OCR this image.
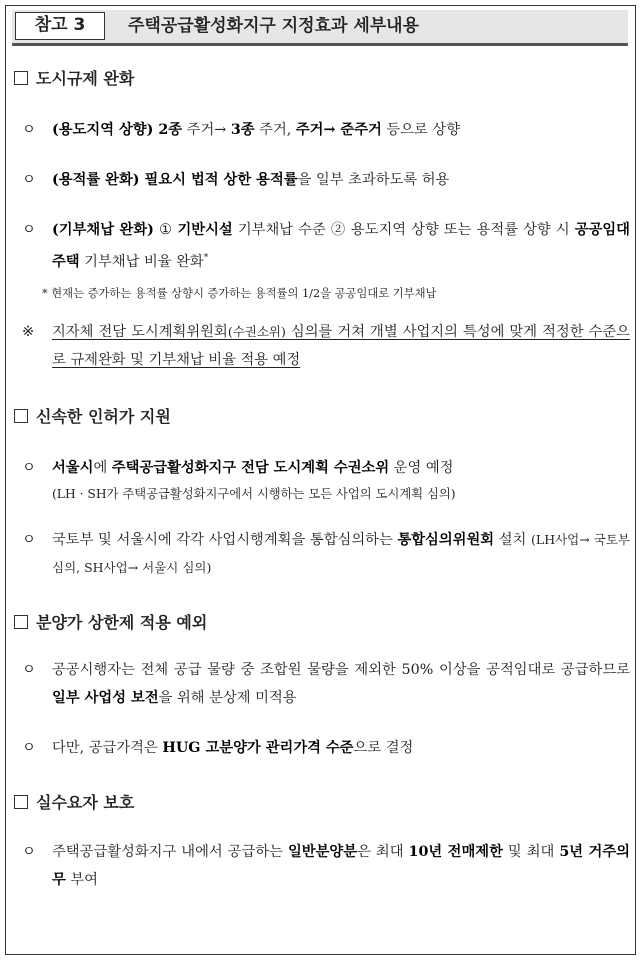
참고 3	주택공급활성화지구 지정효과 세부내용
도시규제 완화
ㅇ (용도지역 상향) 2종 주거→ 3종 주거, 주거→ 준주거 등으로 상향
ㅇ (용적률 완화) 필요시 법적 상한 용적률을 일부 초과하도록 허용
ㅇ (기부채납 완화) ① 기반시설 기부채납 수준 ② 용도지역 상향 또는 용적률 상향 시 공공임대주택 기부채납 비율 완화*
* 현재는 증가하는 용적률 상향시 증가하는 용적률의 1/2을 공공임대로 기부채납
※ 지자체 전담 도시계획위원회(수권소위) 심의를 거쳐 개별 사업지의 특성에 맞게 적정한 수준으로 규제완화 및 기부채납 비율 적용 예정
신속한 인허가 지원
ㅇ 서울시에 주택공급활성화지구 전담 도시계획 수권소위 운영 예정
(LH · SH가 주택공급활성화지구에서 시행하는 모든 사업의 도시계획 심의)
ㅇ 국토부 및 서울시에 각각 사업시행계획을 통합심의하는 통합심의위원회 설치 (LH사업→ 국토부 심의, SH사업→ 서울시 심의)
분양가 상한제 적용 예외
ㅇ 공공시행자는 전체 공급 물량 중 조합원 물량을 제외한 50% 이상을 공적임대로 공급하므로 일부 사업성 보전을 위해 분상제 미적용
ㅇ 다만, 공급가격은 HUG 고분양가 관리가격 수준으로 결정
실수요자 보호
ㅇ 주택공급활성화지구 내에서 공급하는 일반분양분은 최대 10년 전매제한 및 최대 5년 거주의무 부여
